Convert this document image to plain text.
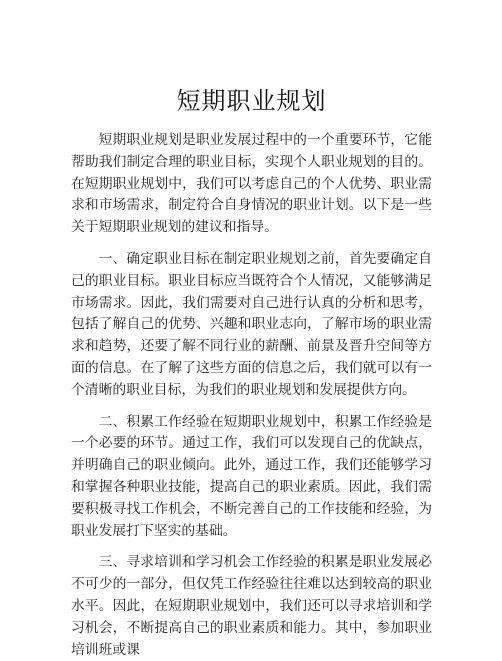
短期职业规划

短期职业规划是职业发展过程中的一个重要环节，它能帮助我们制定合理的职业目标，实现个人职业规划的目的。在短期职业规划中，我们可以考虑自己的个人优势、职业需求和市场需求，制定符合自身情况的职业计划。以下是一些关于短期职业规划的建议和指导。

一、确定职业目标在制定职业规划之前，首先要确定自己的职业目标。职业目标应当既符合个人情况，又能够满足市场需求。因此，我们需要对自己进行认真的分析和思考，包括了解自己的优势、兴趣和职业志向，了解市场的职业需求和趋势，还要了解不同行业的薪酬、前景及晋升空间等方面的信息。在了解了这些方面的信息之后，我们就可以有一个清晰的职业目标，为我们的职业规划和发展提供方向。

二、积累工作经验在短期职业规划中，积累工作经验是一个必要的环节。通过工作，我们可以发现自己的优缺点，并明确自己的职业倾向。此外，通过工作，我们还能够学习和掌握各种职业技能，提高自己的职业素质。因此，我们需要积极寻找工作机会，不断完善自己的工作技能和经验，为职业发展打下坚实的基础。

三、寻求培训和学习机会工作经验的积累是职业发展必不可少的一部分，但仅凭工作经验往往难以达到较高的职业水平。因此，在短期职业规划中，我们还可以寻求培训和学习机会，不断提高自己的职业素质和能力。其中，参加职业培训班或课
